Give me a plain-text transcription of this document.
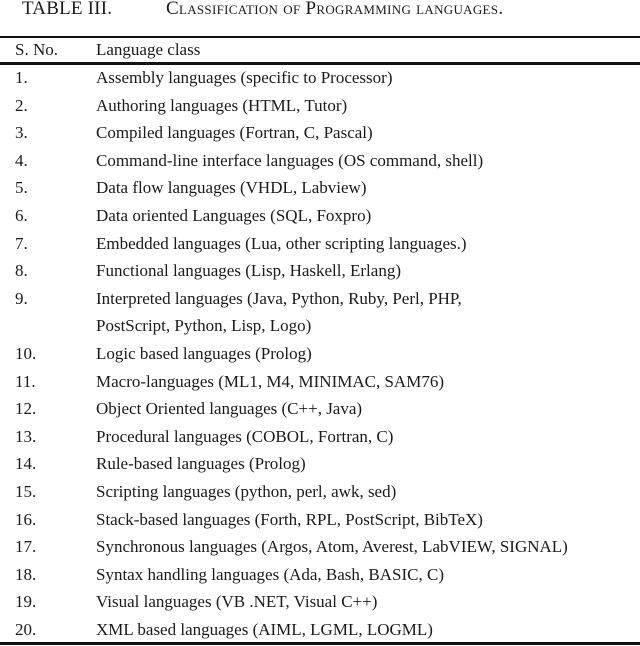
TABLE III.	Classification of Programming languages.
S. No.	Language class
1.	Assembly languages (specific to Processor)

2.	Authoring languages (HTML, Tutor)

3.	Compiled languages (Fortran, C, Pascal)

4.	Command-line interface languages (OS command, shell)

5.	Data flow languages (VHDL, Labview)

6.	Data oriented Languages (SQL, Foxpro)

7.	Embedded languages (Lua, other scripting languages.)

8.	Functional languages (Lisp, Haskell, Erlang)

9.	Interpreted languages (Java, Python, Ruby, Perl, PHP,
PostScript, Python, Lisp, Logo)

10.	Logic based languages (Prolog)

11.	Macro-languages (ML1, M4, MINIMAC, SAM76)

12.	Object Oriented languages (C++, Java)

13.	Procedural languages (COBOL, Fortran, C)

14.	Rule-based languages (Prolog)

15.	Scripting languages (python, perl, awk, sed)

16.	Stack-based languages (Forth, RPL, PostScript, BibTeX)

17.	Synchronous languages (Argos, Atom, Averest, LabVIEW, SIGNAL)

18.	Syntax handling languages (Ada, Bash, BASIC, C)

19.	Visual languages (VB .NET, Visual C++)

20.	XML based languages (AIML, LGML, LOGML)
